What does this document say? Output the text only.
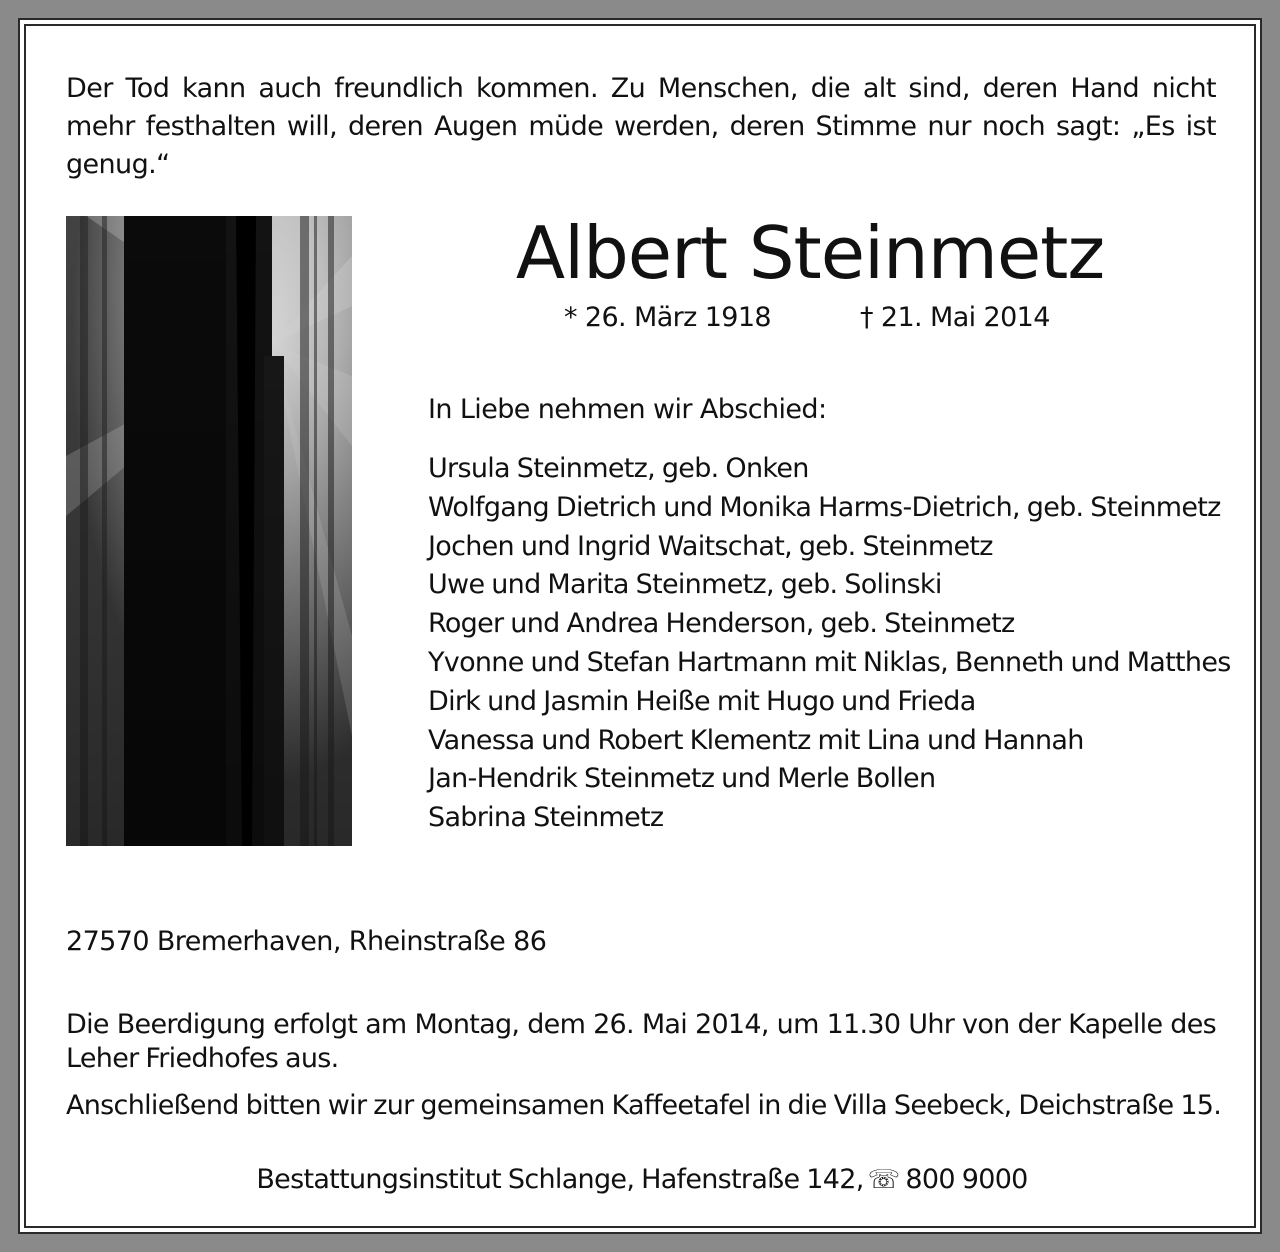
Der Tod kann auch freundlich kommen. Zu Menschen, die alt sind, deren Hand nicht mehr festhalten will, deren Augen müde werden, deren Stimme nur noch sagt: „Es ist genug.“
Albert Steinmetz
* 26. März 1918	† 21. Mai 2014
In Liebe nehmen wir Abschied:
Ursula Steinmetz, geb. Onken
Wolfgang Dietrich und Monika Harms-Dietrich, geb. Steinmetz
Jochen und Ingrid Waitschat, geb. Steinmetz
Uwe und Marita Steinmetz, geb. Solinski
Roger und Andrea Henderson, geb. Steinmetz
Yvonne und Stefan Hartmann mit Niklas, Benneth und Matthes
Dirk und Jasmin Heiße mit Hugo und Frieda
Vanessa und Robert Klementz mit Lina und Hannah
Jan-Hendrik Steinmetz und Merle Bollen
Sabrina Steinmetz
27570 Bremerhaven, Rheinstraße 86
Die Beerdigung erfolgt am Montag, dem 26. Mai 2014, um 11.30 Uhr von der Kapelle des Leher Friedhofes aus.
Anschließend bitten wir zur gemeinsamen Kaffeetafel in die Villa Seebeck, Deichstraße 15.
Bestattungsinstitut Schlange, Hafenstraße 142, ☏ 800 9000
